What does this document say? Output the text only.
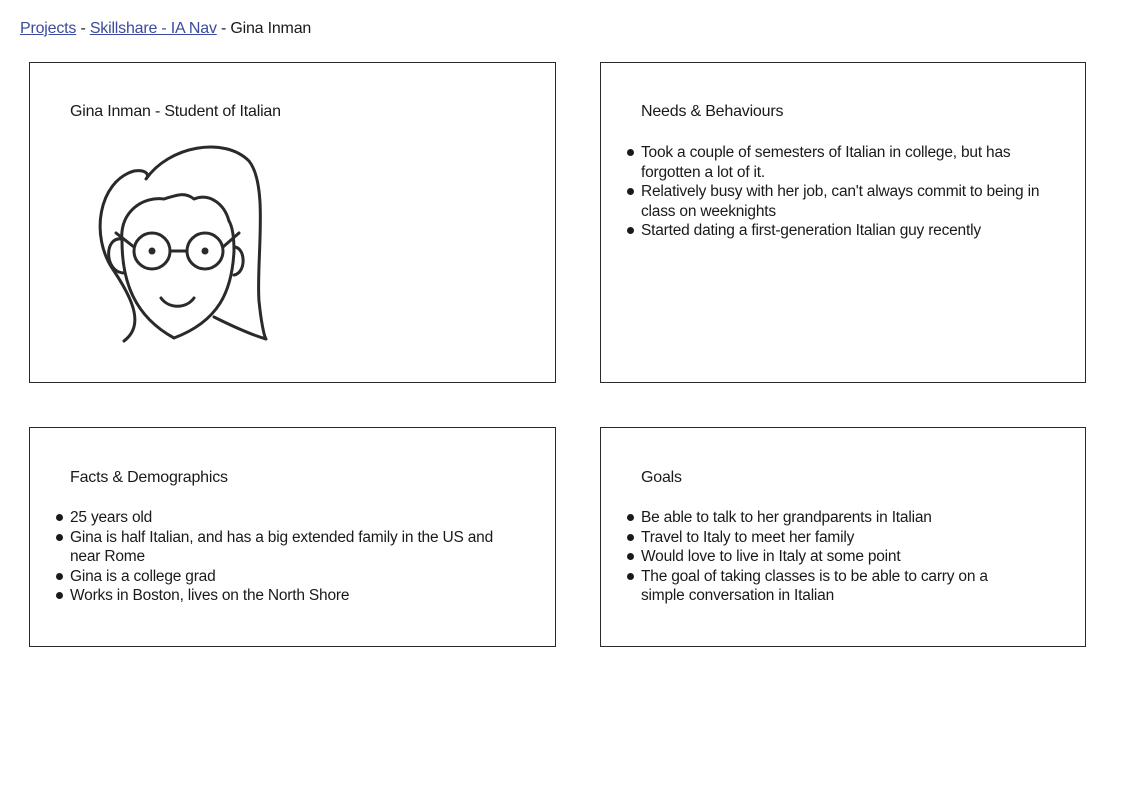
Projects - Skillshare - IA Nav - Gina Inman
Gina Inman - Student of Italian	Needs & Behaviours
Took a couple of semesters of Italian in college, but has forgotten a lot of it.
Relatively busy with her job, can't always commit to being in class on weeknights
Started dating a first-generation Italian guy recently
Facts & Demographics
25 years old
Gina is half Italian, and has a big extended family in the US and near Rome
Gina is a college grad
Works in Boston, lives on the North Shore
Goals
Be able to talk to her grandparents in Italian
Travel to Italy to meet her family
Would love to live in Italy at some point
The goal of taking classes is to be able to carry on a simple conversation in Italian
